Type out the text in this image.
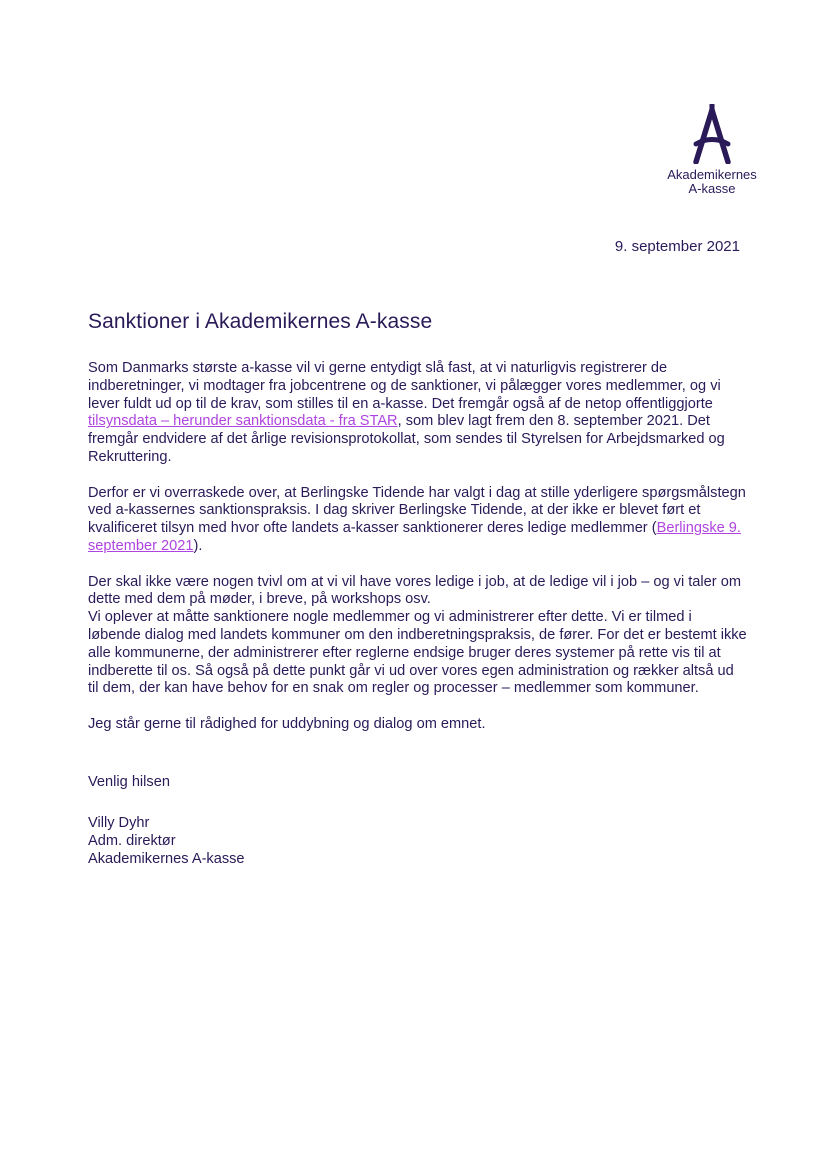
Akademikernes
A-kasse
9. september 2021
Sanktioner i Akademikernes A-kasse

Som Danmarks største a-kasse vil vi gerne entydigt slå fast, at vi naturligvis registrerer de indberetninger, vi modtager fra jobcentrene og de sanktioner, vi pålægger vores medlemmer, og vi lever fuldt ud op til de krav, som stilles til en a-kasse. Det fremgår også af de netop offentliggjorte tilsynsdata – herunder sanktionsdata - fra STAR, som blev lagt frem den 8. september 2021. Det fremgår endvidere af det årlige revisionsprotokollat, som sendes til Styrelsen for Arbejdsmarked og Rekruttering.

Derfor er vi overraskede over, at Berlingske Tidende har valgt i dag at stille yderligere spørgsmålstegn ved a-kassernes sanktionspraksis. I dag skriver Berlingske Tidende, at der ikke er blevet ført et kvalificeret tilsyn med hvor ofte landets a-kasser sanktionerer deres ledige medlemmer (Berlingske 9. september 2021).

Der skal ikke være nogen tvivl om at vi vil have vores ledige i job, at de ledige vil i job – og vi taler om dette med dem på møder, i breve, på workshops osv.

Vi oplever at måtte sanktionere nogle medlemmer og vi administrerer efter dette. Vi er tilmed i løbende dialog med landets kommuner om den indberetningspraksis, de fører. For det er bestemt ikke alle kommunerne, der administrerer efter reglerne endsige bruger deres systemer på rette vis til at indberette til os. Så også på dette punkt går vi ud over vores egen administration og rækker altså ud til dem, der kan have behov for en snak om regler og processer – medlemmer som kommuner.

Jeg står gerne til rådighed for uddybning og dialog om emnet.

Venlig hilsen
Villy Dyhr
Adm. direktør
Akademikernes A-kasse
